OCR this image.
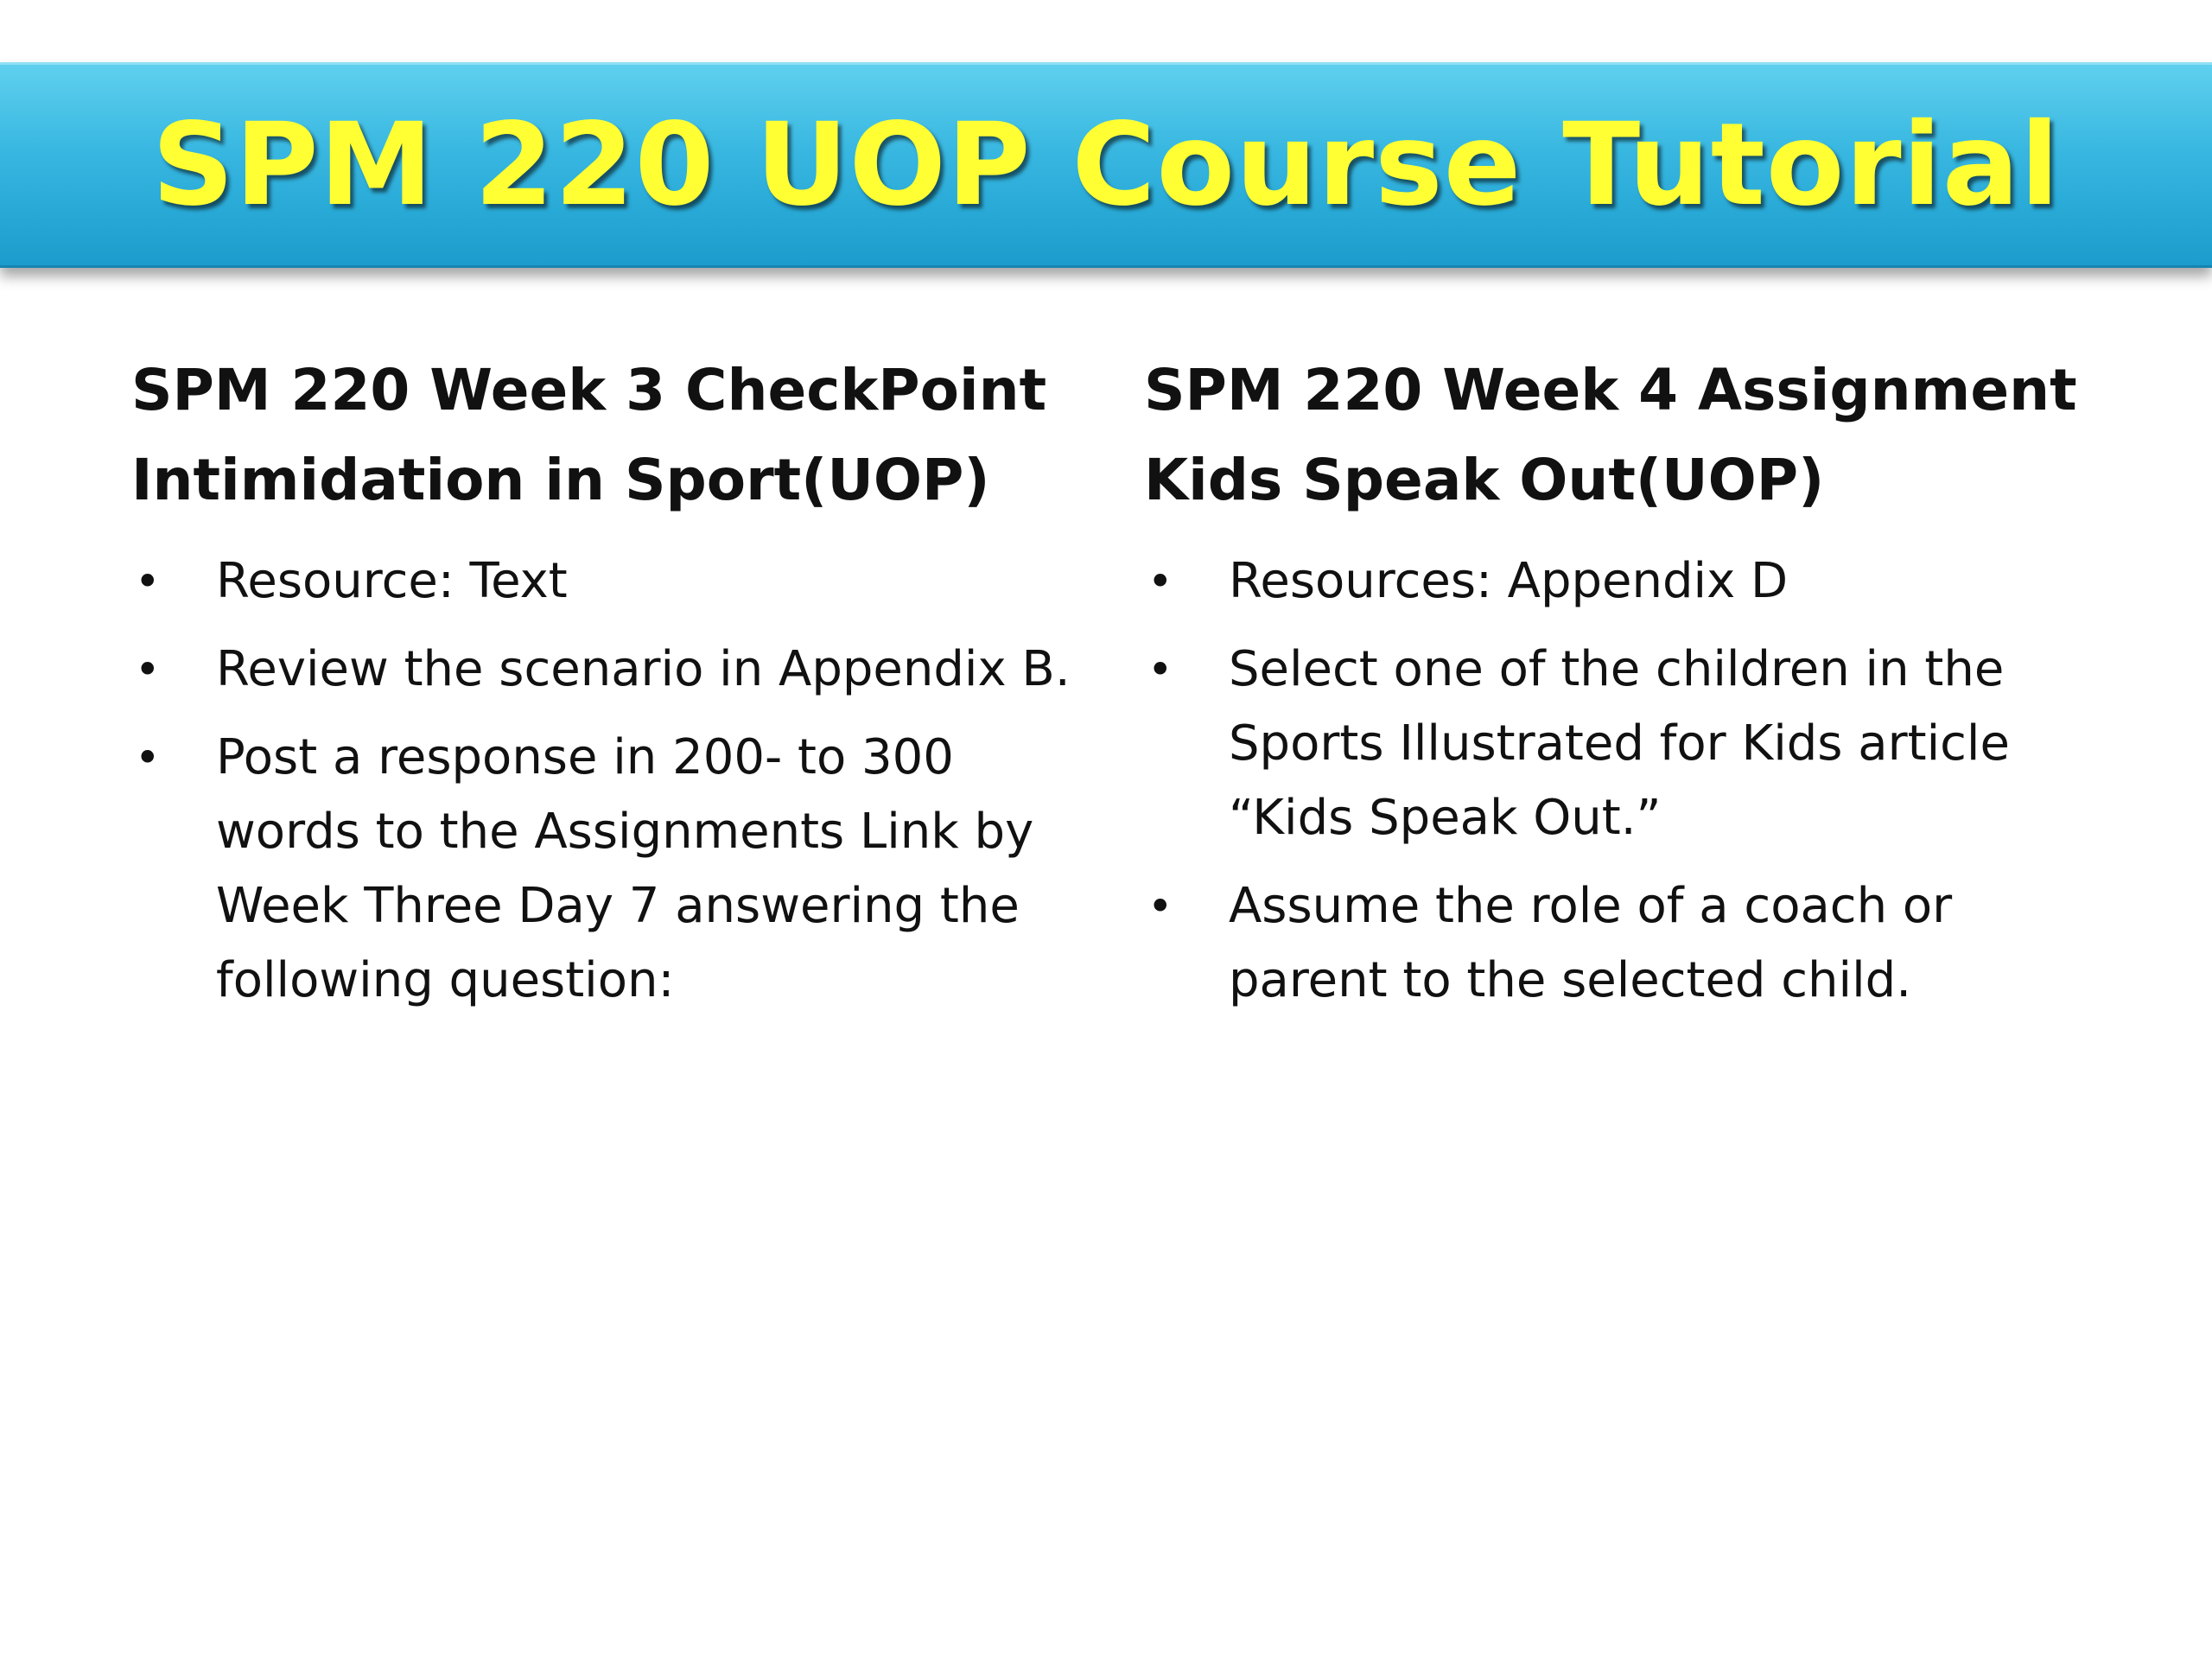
SPM 220 UOP Course Tutorial
SPM 220 Week 3 CheckPoint Intimidation in Sport(UOP)
• Resource: Text
• Review the scenario in Appendix B.
• Post a response in 200- to 300 words to the Assignments Link by Week Three Day 7 answering the following question:
SPM 220 Week 4 Assignment Kids Speak Out(UOP)
• Resources: Appendix D
• Select one of the children in the Sports Illustrated for Kids article “Kids Speak Out.”
• Assume the role of a coach or parent to the selected child.
